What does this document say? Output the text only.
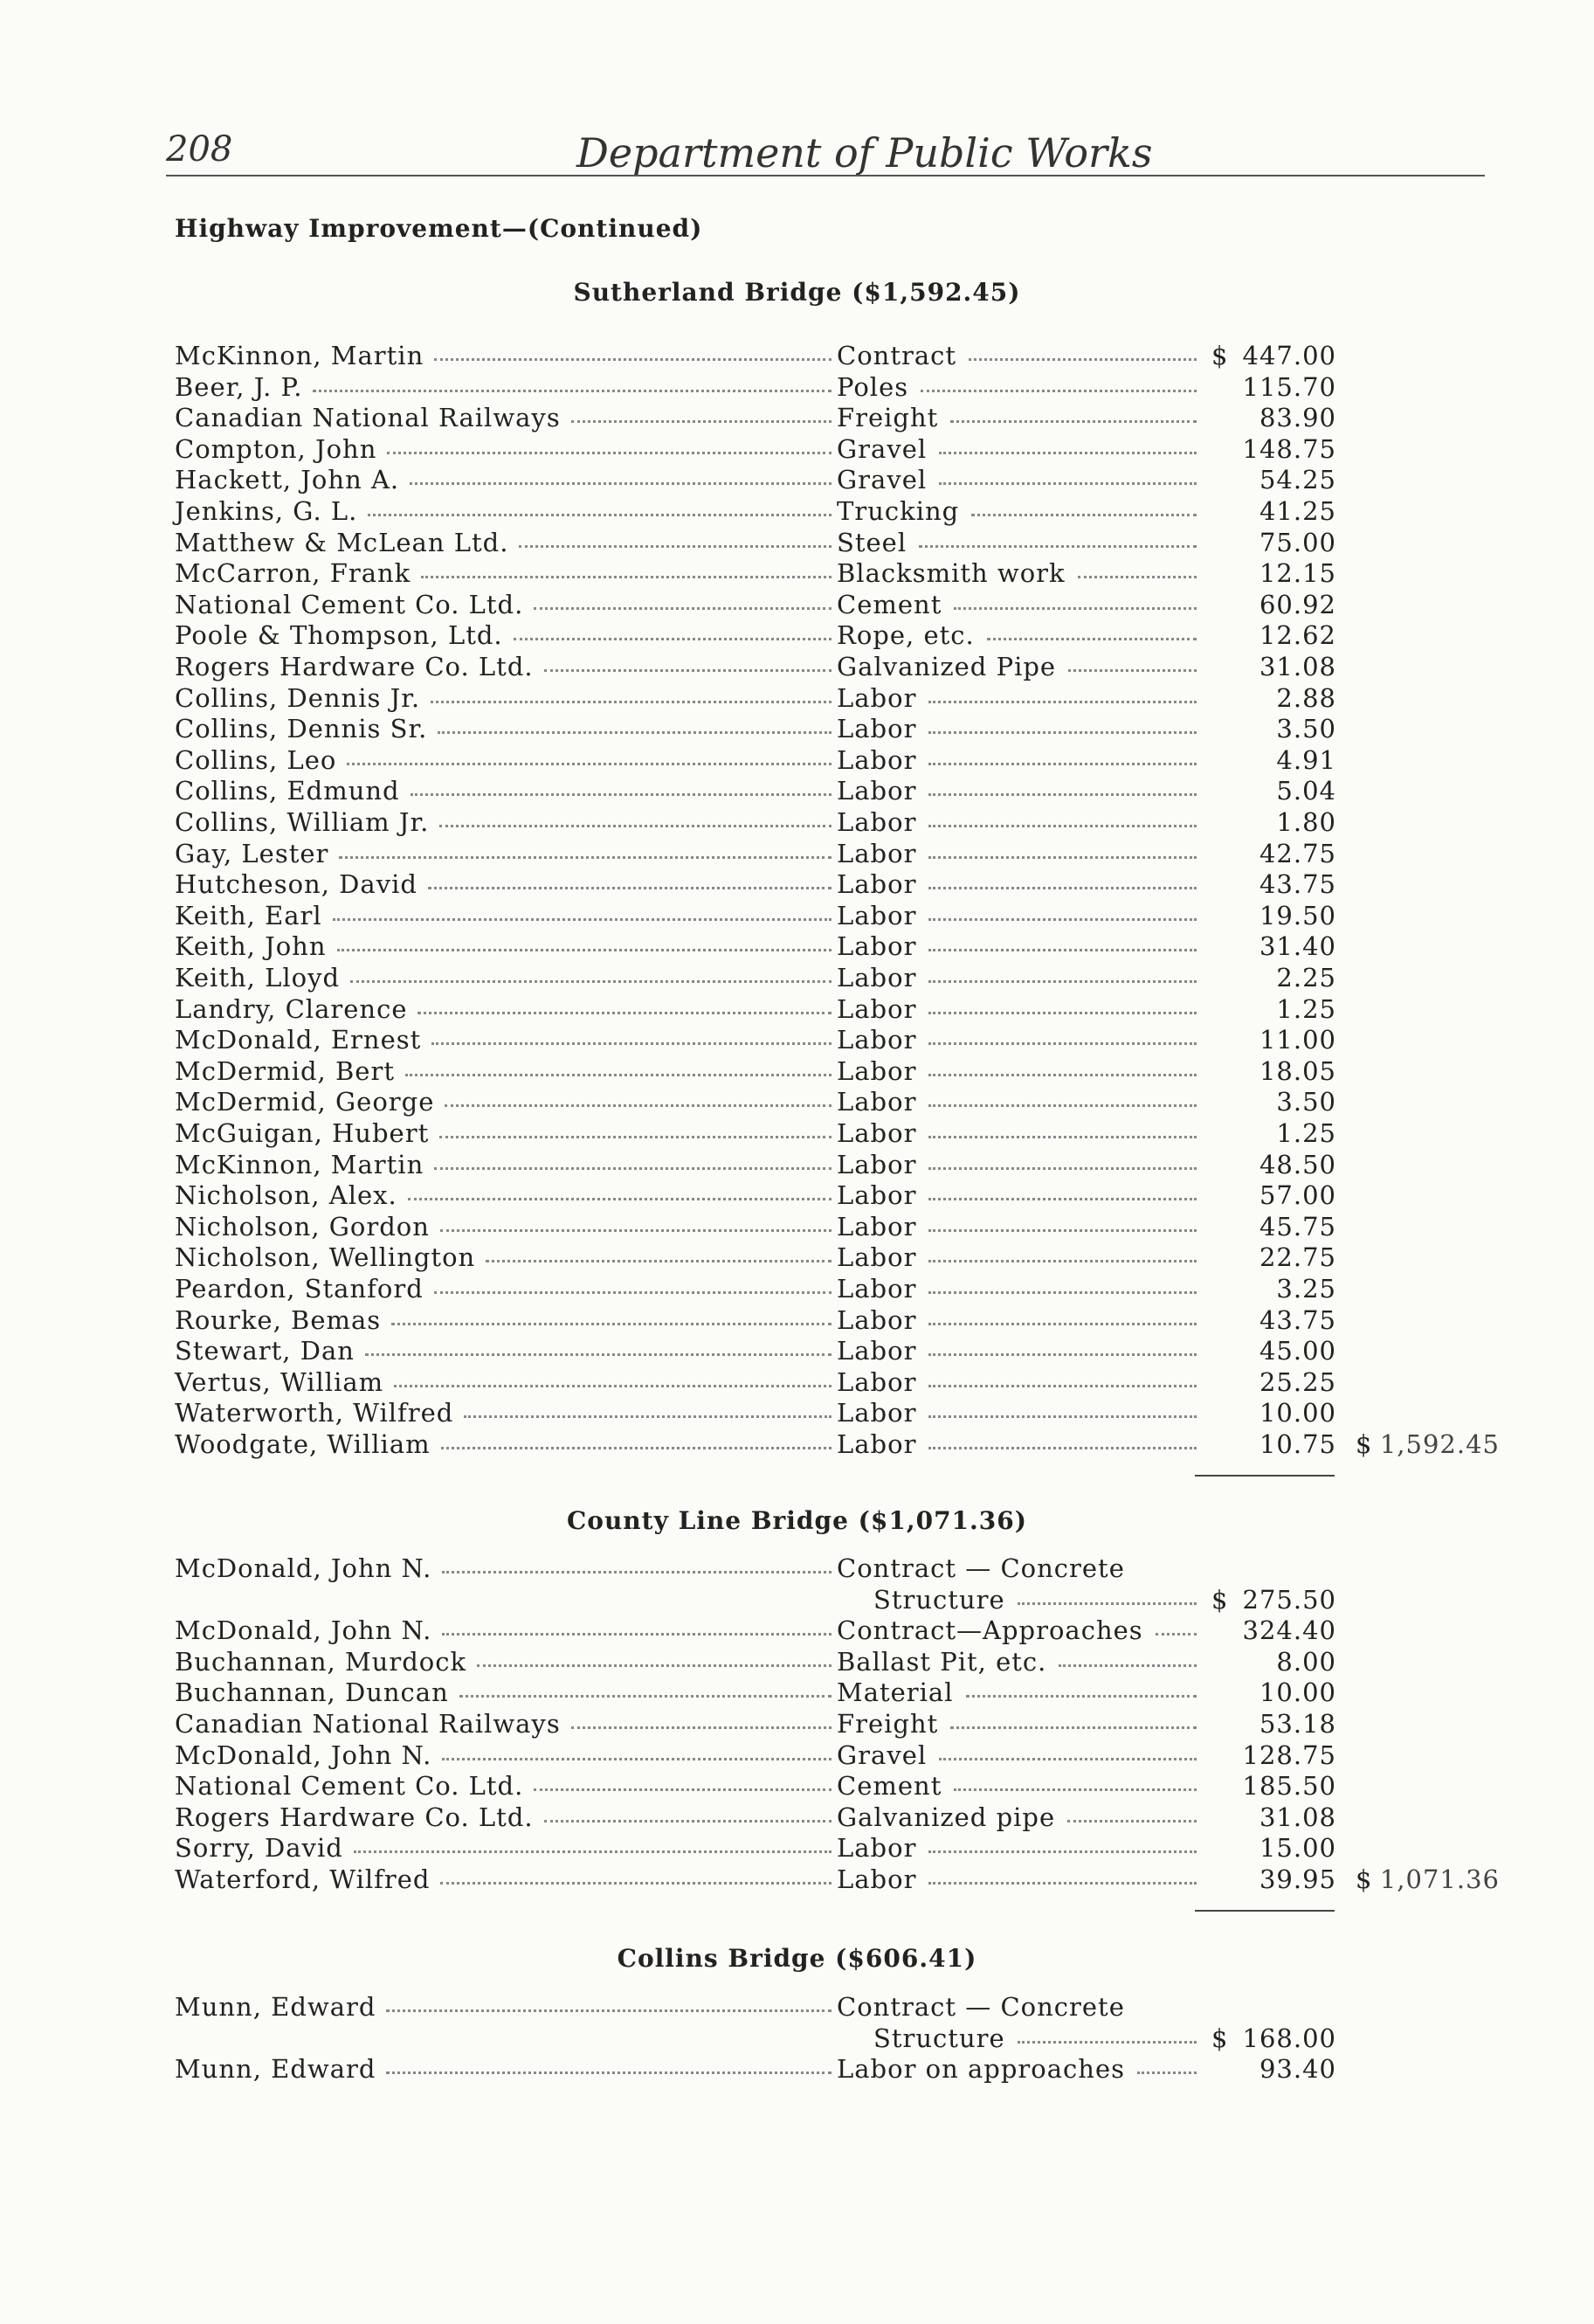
208	Department of Public Works
Highway Improvement—(Continued)
Sutherland Bridge ($1,592.45)
McKinnon, Martin	Contract	$ 447.00
Beer, J. P.	Poles	115.70
Canadian National Railways	Freight	83.90
Compton, John	Gravel	148.75
Hackett, John A.	Gravel	54.25
Jenkins, G. L.	Trucking	41.25
Matthew & McLean Ltd.	Steel	75.00
McCarron, Frank	Blacksmith work	12.15
National Cement Co. Ltd.	Cement	60.92
Poole & Thompson, Ltd.	Rope, etc.	12.62
Rogers Hardware Co. Ltd.	Galvanized Pipe	31.08
Collins, Dennis Jr.	Labor	2.88
Collins, Dennis Sr.	Labor	3.50
Collins, Leo	Labor	4.91
Collins, Edmund	Labor	5.04
Collins, William Jr.	Labor	1.80
Gay, Lester	Labor	42.75
Hutcheson, David	Labor	43.75
Keith, Earl	Labor	19.50
Keith, John	Labor	31.40
Keith, Lloyd	Labor	2.25
Landry, Clarence	Labor	1.25
McDonald, Ernest	Labor	11.00
McDermid, Bert	Labor	18.05
McDermid, George	Labor	3.50
McGuigan, Hubert	Labor	1.25
McKinnon, Martin	Labor	48.50
Nicholson, Alex.	Labor	57.00
Nicholson, Gordon	Labor	45.75
Nicholson, Wellington	Labor	22.75
Peardon, Stanford	Labor	3.25
Rourke, Bemas	Labor	43.75
Stewart, Dan	Labor	45.00
Vertus, William	Labor	25.25
Waterworth, Wilfred	Labor	10.00
Woodgate, William	Labor	10.75 $ 1,592.45
County Line Bridge ($1,071.36)
McDonald, John N.	Contract — Concrete
Structure	$ 275.50
McDonald, John N.	Contract—Approaches	324.40
Buchannan, Murdock	Ballast Pit, etc.	8.00
Buchannan, Duncan	Material	10.00
Canadian National Railways	Freight	53.18
McDonald, John N.	Gravel	128.75
National Cement Co. Ltd.	Cement	185.50
Rogers Hardware Co. Ltd.	Galvanized pipe	31.08
Sorry, David	Labor	15.00
Waterford, Wilfred	Labor	39.95 $ 1,071.36
Collins Bridge ($606.41)
Munn, Edward	Contract — Concrete
Structure	$ 168.00
Munn, Edward	Labor on approaches	93.40
